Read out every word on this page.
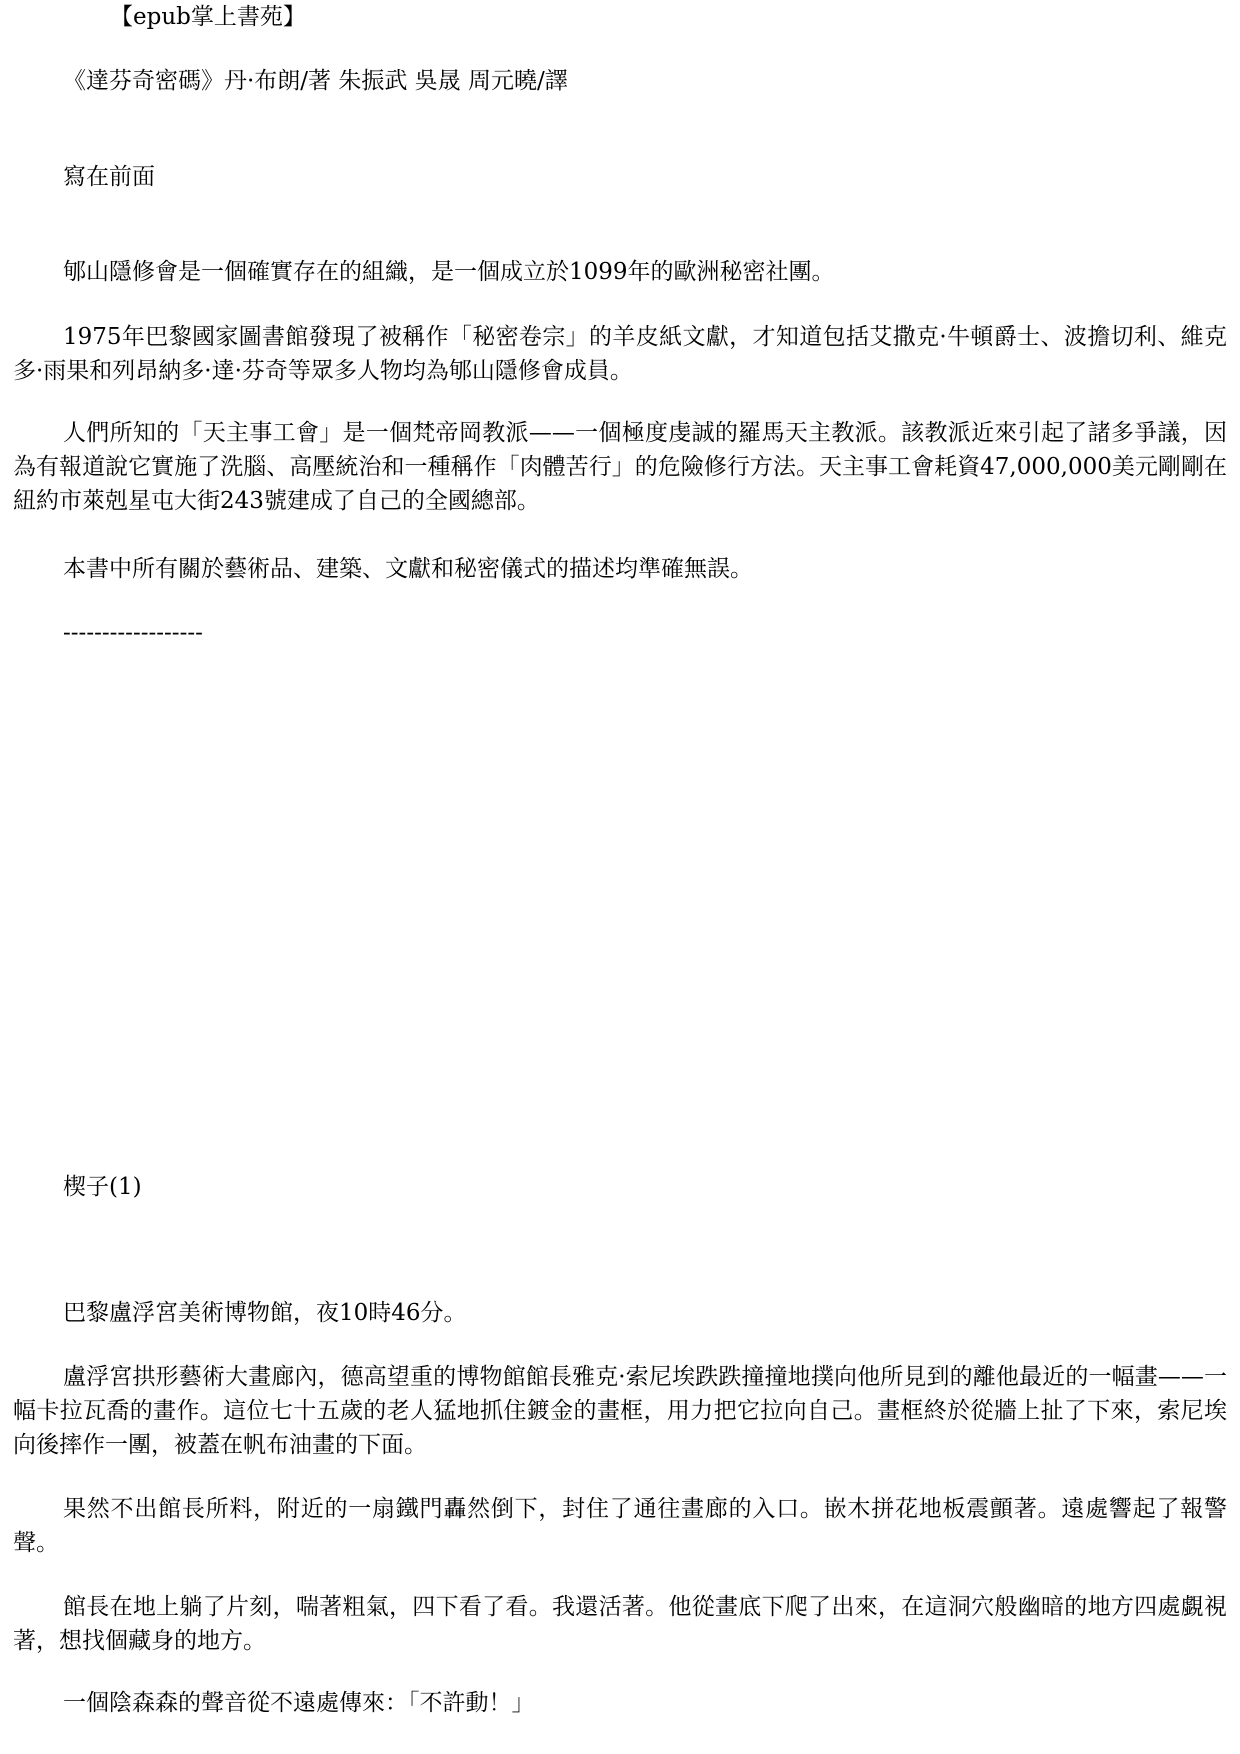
【epub掌上書苑】
《達芬奇密碼》丹·布朗/著 朱振武 吳晟 周元曉/譯
寫在前面
郇山隱修會是一個確實存在的組織，是一個成立於1099年的歐洲秘密社團。
1975年巴黎國家圖書館發現了被稱作「秘密卷宗」的羊皮紙文獻，才知道包括艾撒克·牛頓爵士、波擔切利、維克多·雨果和列昂納多·達·芬奇等眾多人物均為郇山隱修會成員。
人們所知的「天主事工會」是一個梵帝岡教派——一個極度虔誠的羅馬天主教派。該教派近來引起了諸多爭議，因為有報道說它實施了洗腦、高壓統治和一種稱作「肉體苦行」的危險修行方法。天主事工會耗資47,000,000美元剛剛在紐約市萊剋星屯大街243號建成了自己的全國總部。
本書中所有關於藝術品、建築、文獻和秘密儀式的描述均準確無誤。
------------------
楔子(1)
巴黎盧浮宮美術博物館，夜10時46分。
盧浮宮拱形藝術大畫廊內，德高望重的博物館館長雅克·索尼埃跌跌撞撞地撲向他所見到的離他最近的一幅畫——一幅卡拉瓦喬的畫作。這位七十五歲的老人猛地抓住鍍金的畫框，用力把它拉向自己。畫框終於從牆上扯了下來，索尼埃向後摔作一團，被蓋在帆布油畫的下面。
果然不出館長所料，附近的一扇鐵門轟然倒下，封住了通往畫廊的入口。嵌木拼花地板震顫著。遠處響起了報警聲。
館長在地上躺了片刻，喘著粗氣，四下看了看。我還活著。他從畫底下爬了出來，在這洞穴般幽暗的地方四處覷視著，想找個藏身的地方。
一個陰森森的聲音從不遠處傳來：「不許動！」
